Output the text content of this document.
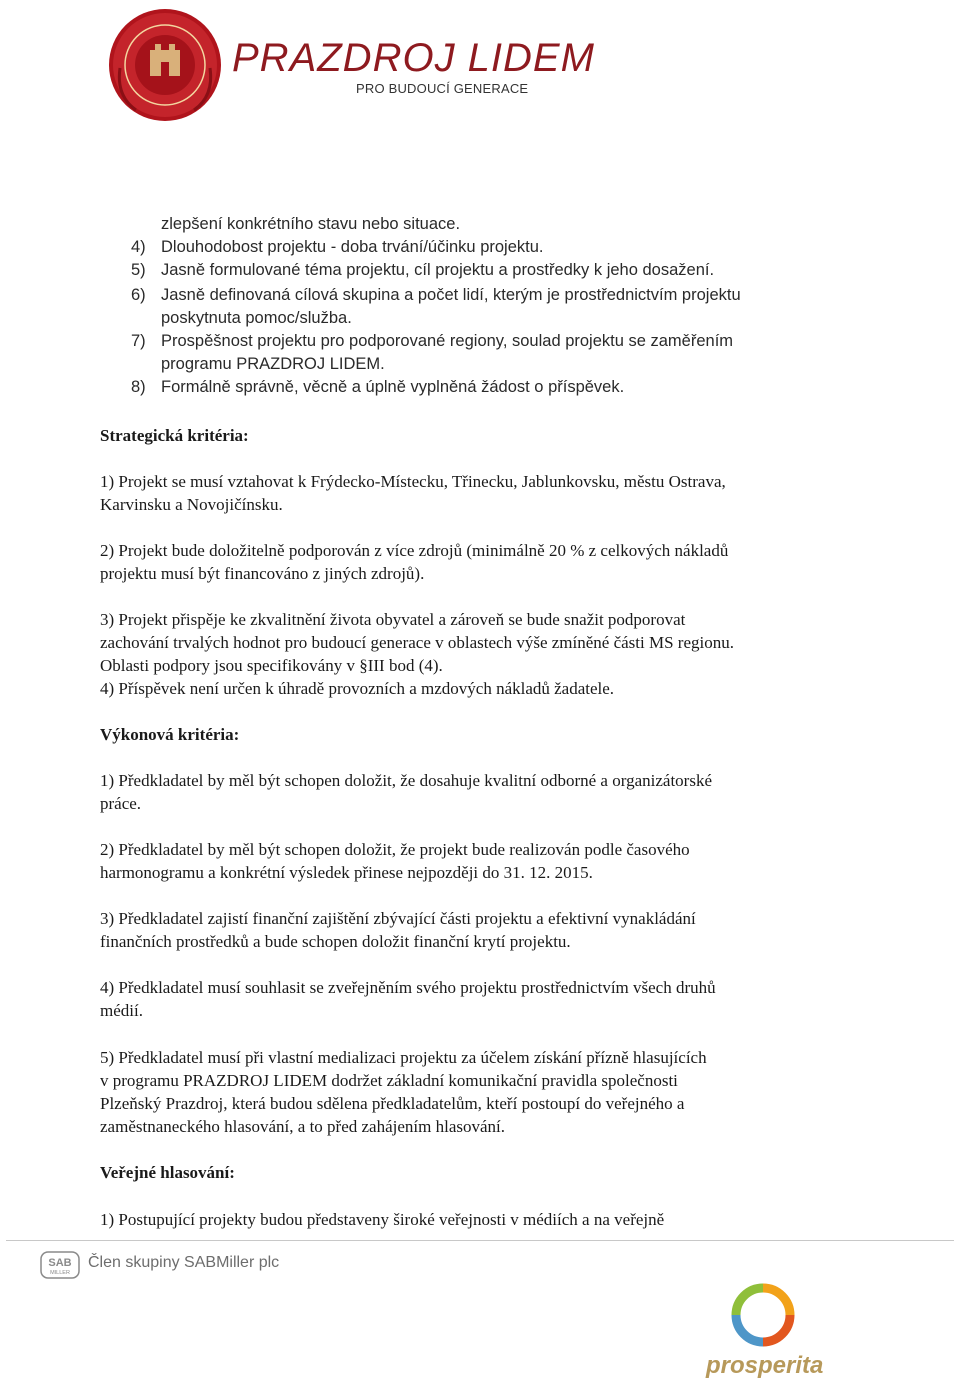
PRAZDROJ LIDEM
PRO BUDOUCÍ GENERACE
zlepšení konkrétního stavu nebo situace.
4) Dlouhodobost projektu - doba trvání/účinku projektu.
5) Jasně formulované téma projektu, cíl projektu a prostředky k jeho dosažení.
6) Jasně definovaná cílová skupina a počet lidí, kterým je prostřednictvím projektu
poskytnuta pomoc/služba.
7) Prospěšnost projektu pro podporované regiony, soulad projektu se zaměřením
programu PRAZDROJ LIDEM.
8) Formálně správně, věcně a úplně vyplněná žádost o příspěvek.
Strategická kritéria:
1) Projekt se musí vztahovat k Frýdecko-Místecku, Třinecku, Jablunkovsku, městu Ostrava,
Karvinsku a Novojičínsku.
2) Projekt bude doložitelně podporován z více zdrojů (minimálně 20 % z celkových nákladů
projektu musí být financováno z jiných zdrojů).
3) Projekt přispěje ke zkvalitnění života obyvatel a zároveň se bude snažit podporovat
zachování trvalých hodnot pro budoucí generace v oblastech výše zmíněné části MS regionu.
Oblasti podpory jsou specifikovány v §III bod (4).
4) Příspěvek není určen k úhradě provozních a mzdových nákladů žadatele.
Výkonová kritéria:
1) Předkladatel by měl být schopen doložit, že dosahuje kvalitní odborné a organizátorské
práce.
2) Předkladatel by měl být schopen doložit, že projekt bude realizován podle časového
harmonogramu a konkrétní výsledek přinese nejpozději do 31. 12. 2015.
3) Předkladatel zajistí finanční zajištění zbývající části projektu a efektivní vynakládání
finančních prostředků a bude schopen doložit finanční krytí projektu.
4) Předkladatel musí souhlasit se zveřejněním svého projektu prostřednictvím všech druhů
médií.
5) Předkladatel musí při vlastní medializaci projektu za účelem získání přízně hlasujících
v programu PRAZDROJ LIDEM dodržet základní komunikační pravidla společnosti
Plzeňský Prazdroj, která budou sdělena předkladatelům, kteří postoupí do veřejného a
zaměstnaneckého hlasování, a to před zahájením hlasování.
Veřejné hlasování:
1) Postupující projekty budou představeny široké veřejnosti v médiích a na veřejně
SAB
MILLER
Člen skupiny SABMiller plc
prosperita
